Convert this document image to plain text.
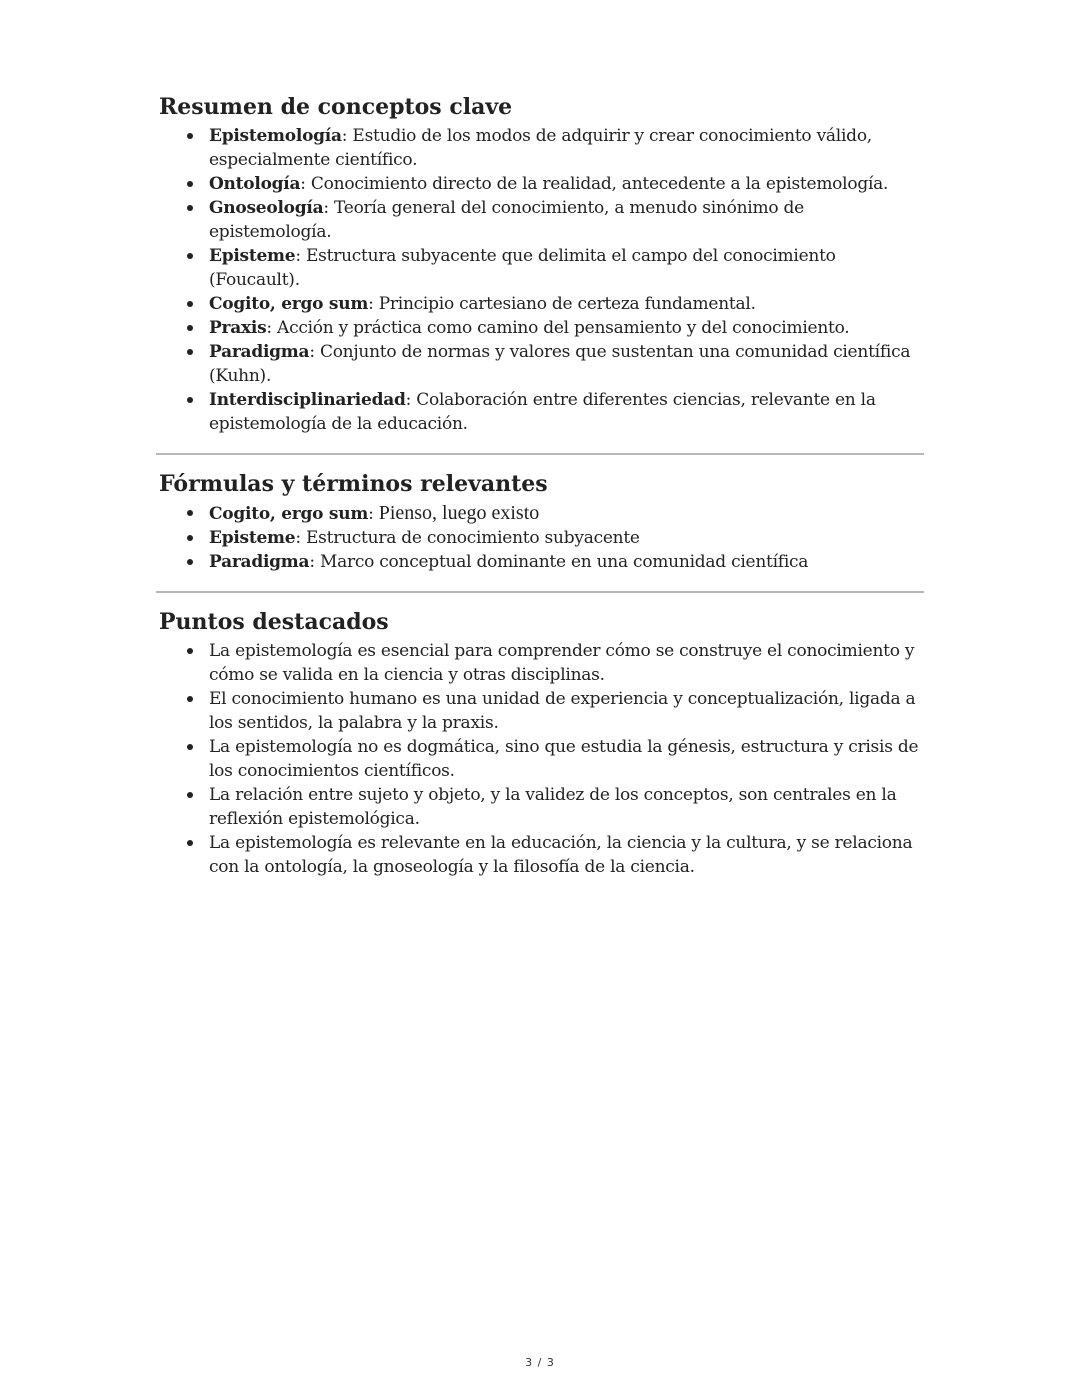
Resumen de conceptos clave
Epistemología: Estudio de los modos de adquirir y crear conocimiento válido, especialmente científico.
Ontología: Conocimiento directo de la realidad, antecedente a la epistemología.
Gnoseología: Teoría general del conocimiento, a menudo sinónimo de epistemología.
Episteme: Estructura subyacente que delimita el campo del conocimiento (Foucault).
Cogito, ergo sum: Principio cartesiano de certeza fundamental.
Praxis: Acción y práctica como camino del pensamiento y del conocimiento.
Paradigma: Conjunto de normas y valores que sustentan una comunidad científica (Kuhn).
Interdisciplinariedad: Colaboración entre diferentes ciencias, relevante en la epistemología de la educación.
Fórmulas y términos relevantes
Cogito, ergo sum: Pienso, luego existo
Episteme: Estructura de conocimiento subyacente
Paradigma: Marco conceptual dominante en una comunidad científica
Puntos destacados
La epistemología es esencial para comprender cómo se construye el conocimiento y cómo se valida en la ciencia y otras disciplinas.
El conocimiento humano es una unidad de experiencia y conceptualización, ligada a los sentidos, la palabra y la praxis.
La epistemología no es dogmática, sino que estudia la génesis, estructura y crisis de los conocimientos científicos.
La relación entre sujeto y objeto, y la validez de los conceptos, son centrales en la reflexión epistemológica.
La epistemología es relevante en la educación, la ciencia y la cultura, y se relaciona con la ontología, la gnoseología y la filosofía de la ciencia.
3 / 3
